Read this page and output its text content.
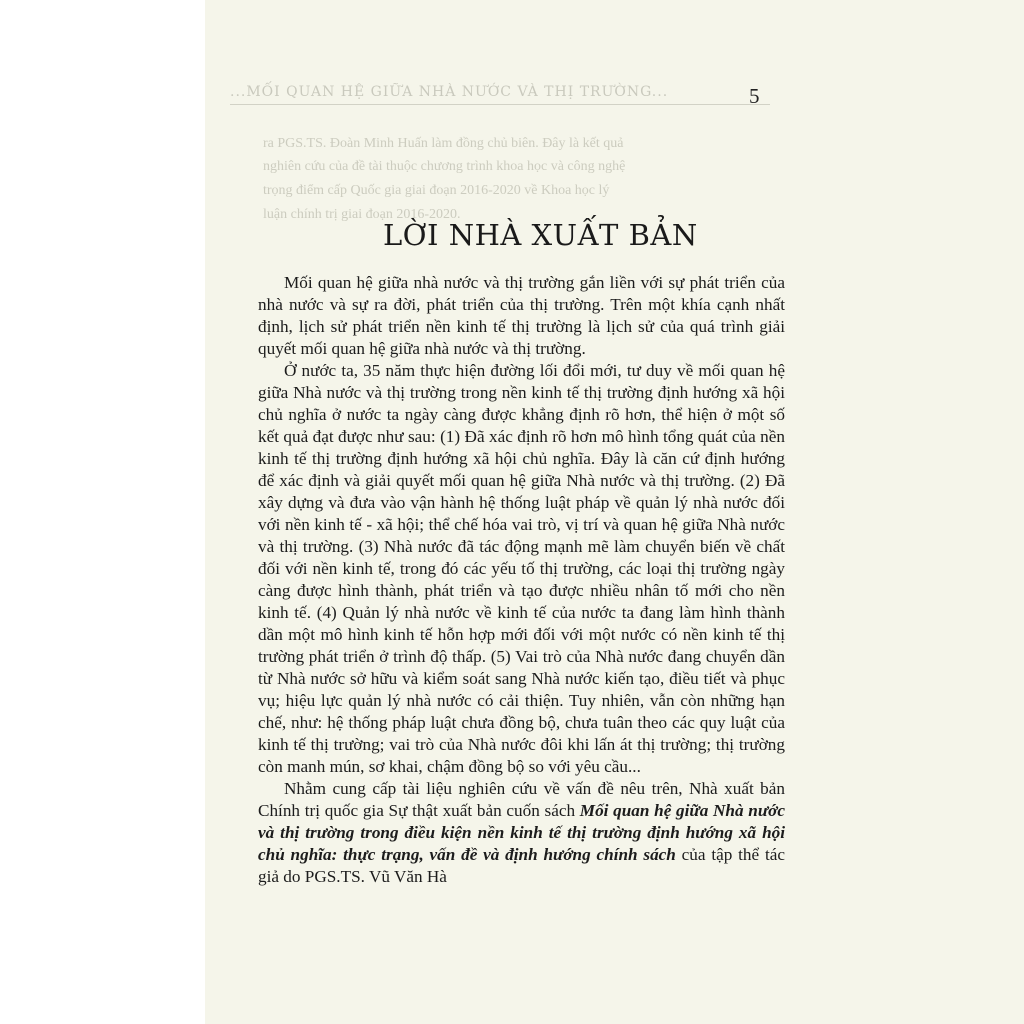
ra PGS.TS. Đoàn Minh Huấn làm đồng chủ biên. Đây là kết quả
nghiên cứu của đề tài thuộc chương trình khoa học và công nghệ
trọng điểm cấp Quốc gia giai đoạn 2016-2020 về Khoa học lý
luận chính trị giai đoạn 2016-2020.
...MỐI QUAN HỆ GIỮA NHÀ NƯỚC VÀ THỊ TRƯỜNG...	5
LỜI NHÀ XUẤT BẢN

Mối quan hệ giữa nhà nước và thị trường gắn liền với sự phát triển của nhà nước và sự ra đời, phát triển của thị trường. Trên một khía cạnh nhất định, lịch sử phát triển nền kinh tế thị trường là lịch sử của quá trình giải quyết mối quan hệ giữa nhà nước và thị trường.

Ở nước ta, 35 năm thực hiện đường lối đổi mới, tư duy về mối quan hệ giữa Nhà nước và thị trường trong nền kinh tế thị trường định hướng xã hội chủ nghĩa ở nước ta ngày càng được khẳng định rõ hơn, thể hiện ở một số kết quả đạt được như sau: (1) Đã xác định rõ hơn mô hình tổng quát của nền kinh tế thị trường định hướng xã hội chủ nghĩa. Đây là căn cứ định hướng để xác định và giải quyết mối quan hệ giữa Nhà nước và thị trường. (2) Đã xây dựng và đưa vào vận hành hệ thống luật pháp về quản lý nhà nước đối với nền kinh tế - xã hội; thể chế hóa vai trò, vị trí và quan hệ giữa Nhà nước và thị trường. (3) Nhà nước đã tác động mạnh mẽ làm chuyển biến về chất đối với nền kinh tế, trong đó các yếu tố thị trường, các loại thị trường ngày càng được hình thành, phát triển và tạo được nhiều nhân tố mới cho nền kinh tế. (4) Quản lý nhà nước về kinh tế của nước ta đang làm hình thành dần một mô hình kinh tế hỗn hợp mới đối với một nước có nền kinh tế thị trường phát triển ở trình độ thấp. (5) Vai trò của Nhà nước đang chuyển dần từ Nhà nước sở hữu và kiểm soát sang Nhà nước kiến tạo, điều tiết và phục vụ; hiệu lực quản lý nhà nước có cải thiện. Tuy nhiên, vẫn còn những hạn chế, như: hệ thống pháp luật chưa đồng bộ, chưa tuân theo các quy luật của kinh tế thị trường; vai trò của Nhà nước đôi khi lấn át thị trường; thị trường còn manh mún, sơ khai, chậm đồng bộ so với yêu cầu...

Nhằm cung cấp tài liệu nghiên cứu về vấn đề nêu trên, Nhà xuất bản Chính trị quốc gia Sự thật xuất bản cuốn sách Mối quan hệ giữa Nhà nước và thị trường trong điều kiện nền kinh tế thị trường định hướng xã hội chủ nghĩa: thực trạng, vấn đề và định hướng chính sách của tập thể tác giả do PGS.TS. Vũ Văn Hà
